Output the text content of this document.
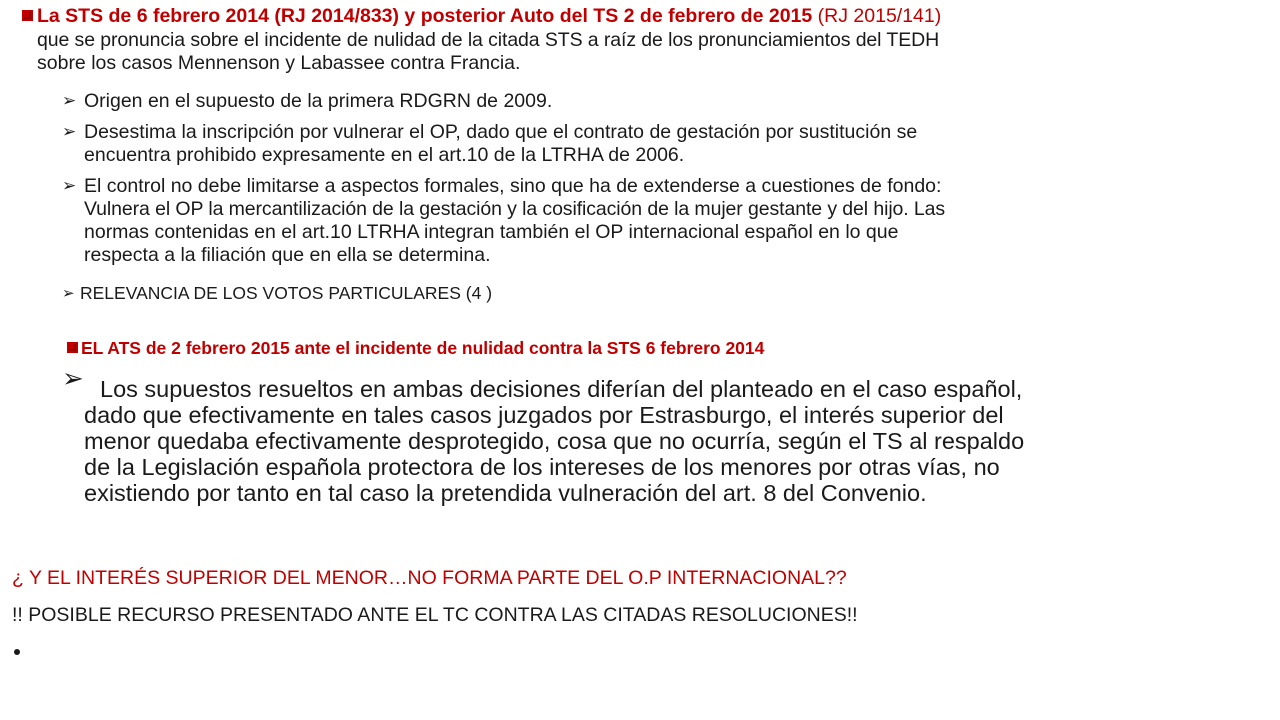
La STS de 6 febrero 2014 (RJ 2014/833) y posterior Auto del TS 2 de febrero de 2015 (RJ 2015/141)
que se pronuncia sobre el incidente de nulidad de la citada STS a raíz de los pronunciamientos del TEDH
sobre los casos Mennenson y Labassee contra Francia.
➢ Origen en el supuesto de la primera RDGRN de 2009.
➢ Desestima la inscripción por vulnerar el OP, dado que el contrato de gestación por sustitución se
encuentra prohibido expresamente en el art.10 de la LTRHA de 2006.
➢ El control no debe limitarse a aspectos formales, sino que ha de extenderse a cuestiones de fondo:
Vulnera el OP la mercantilización de la gestación y la cosificación de la mujer gestante y del hijo. Las
normas contenidas en el art.10 LTRHA integran también el OP internacional español en lo que
respecta a la filiación que en ella se determina.
➢ RELEVANCIA DE LOS VOTOS PARTICULARES (4 )
EL ATS de 2 febrero 2015 ante el incidente de nulidad contra la STS 6 febrero 2014
➢ Los supuestos resueltos en ambas decisiones diferían del planteado en el caso español,
dado que efectivamente en tales casos juzgados por Estrasburgo, el interés superior del
menor quedaba efectivamente desprotegido, cosa que no ocurría, según el TS al respaldo
de la Legislación española protectora de los intereses de los menores por otras vías, no
existiendo por tanto en tal caso la pretendida vulneración del art. 8 del Convenio.
¿ Y EL INTERÉS SUPERIOR DEL MENOR…NO FORMA PARTE DEL O.P INTERNACIONAL??
!! POSIBLE RECURSO PRESENTADO ANTE EL TC CONTRA LAS CITADAS RESOLUCIONES!!
